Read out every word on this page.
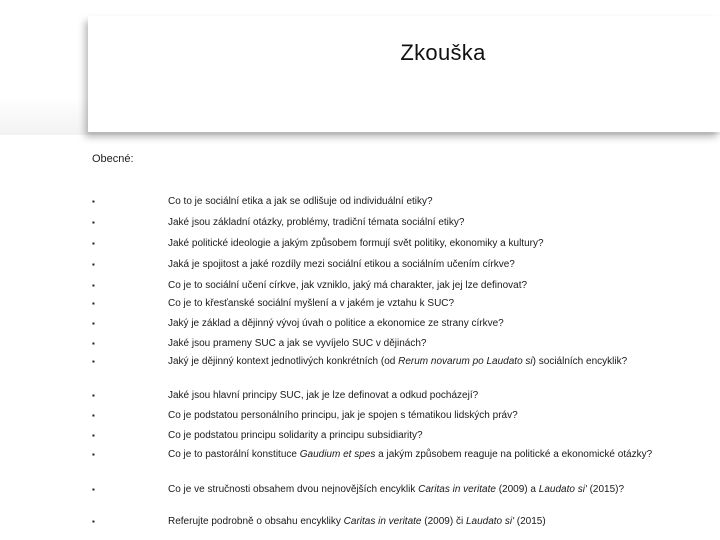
Zkouška
Obecné:
▪	Co to je sociální etika a jak se odlišuje od individuální etiky?
▪	Jaké jsou základní otázky, problémy, tradiční témata sociální etiky?
▪	Jaké politické ideologie a jakým způsobem formují svět politiky, ekonomiky a kultury?
▪	Jaká je spojitost a jaké rozdíly mezi sociální etikou a sociálním učením církve?
▪	Co je to sociální učení církve, jak vzniklo, jaký má charakter, jak jej lze definovat?
▪	Co je to křesťanské sociální myšlení a v jakém je vztahu k SUC?
▪	Jaký je základ a dějinný vývoj úvah o politice a ekonomice ze strany církve?
▪	Jaké jsou prameny SUC a jak se vyvíjelo SUC v dějinách?
▪	Jaký je dějinný kontext jednotlivých konkrétních (od Rerum novarum po Laudato si) sociálních encyklik?
▪	Jaké jsou hlavní principy SUC, jak je lze definovat a odkud pocházejí?
▪	Co je podstatou personálního principu, jak je spojen s tématikou lidských práv?
▪	Co je podstatou principu solidarity a principu subsidiarity?
▪	Co je to pastorální konstituce Gaudium et spes a jakým způsobem reaguje na politické a ekonomické otázky?
▪	Co je ve stručnosti obsahem dvou nejnovějších encyklik Caritas in veritate (2009) a Laudato si' (2015)?
▪	Referujte podrobně o obsahu encykliky Caritas in veritate (2009) či Laudato si' (2015)
